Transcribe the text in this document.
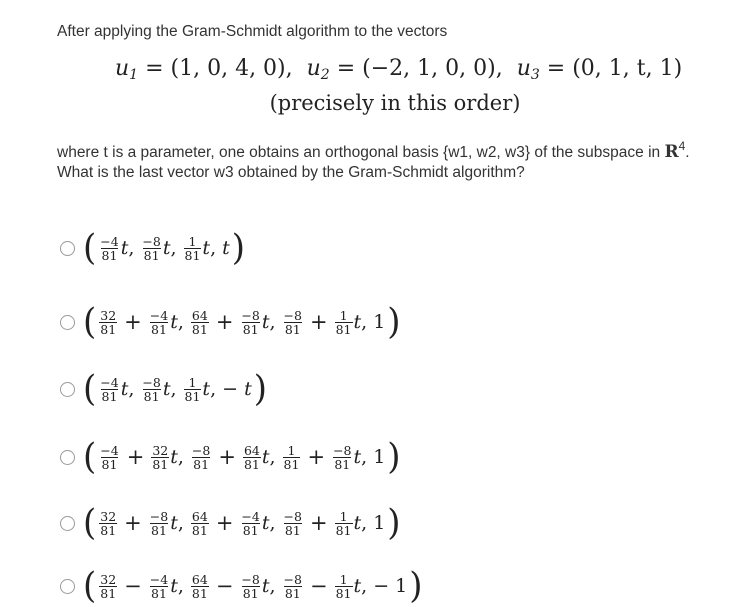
After applying the Gram-Schmidt algorithm to the vectors

$u_1 = (1$, 0, 4, 0), $u_2 = (-2$, 1, 0, 0), $u_3 = (0$, 1, t, 1)
(precisely in this order)

where t is a parameter, one obtains an orthogonal basis {w1, w2, w3} of the subspace in $R^4$. What is the last vector w3 obtained by the Gram-Schmidt algorithm?

( $\frac{-4}{81}$ t , $\frac{-8}{81}$ t , $\frac{1}{81}$ t , t )
( $\frac{32}{81} + \frac{-4}{81}$ t , $\frac{64}{81} + \frac{-8}{81}$ t , $\frac{-8}{81} + \frac{1}{81}$ t , 1 )
( $\frac{-4}{81}$ t , $\frac{-8}{81}$ t , $\frac{1}{81}$ t , − t )
( $\frac{-4}{81} + \frac{32}{81}$ t , $\frac{-8}{81} + \frac{64}{81}$ t , $\frac{1}{81} + \frac{-8}{81}$ t , 1 )
( $\frac{32}{81} + \frac{-8}{81}$ t , $\frac{64}{81} + \frac{-4}{81}$ t , $\frac{-8}{81} + \frac{1}{81}$ t , 1 )
( $\frac{32}{81} - \frac{-4}{81}$ t , $\frac{64}{81} - \frac{-8}{81}$ t , $\frac{-8}{81} - \frac{1}{81}$ t , − 1 )
